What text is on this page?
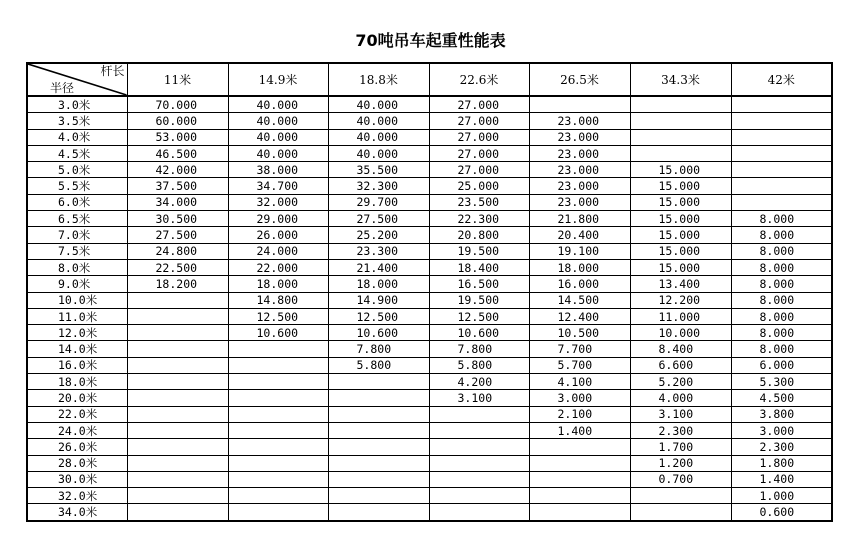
70吨吊车起重性能表
杆长
半径	11米	14.9米	18.8米	22.6米	26.5米	34.3米	42米
3.0米	70.000	40.000	40.000	27.000			
3.5米	60.000	40.000	40.000	27.000	23.000		
4.0米	53.000	40.000	40.000	27.000	23.000		
4.5米	46.500	40.000	40.000	27.000	23.000		
5.0米	42.000	38.000	35.500	27.000	23.000	15.000	
5.5米	37.500	34.700	32.300	25.000	23.000	15.000	
6.0米	34.000	32.000	29.700	23.500	23.000	15.000	
6.5米	30.500	29.000	27.500	22.300	21.800	15.000	8.000
7.0米	27.500	26.000	25.200	20.800	20.400	15.000	8.000
7.5米	24.800	24.000	23.300	19.500	19.100	15.000	8.000
8.0米	22.500	22.000	21.400	18.400	18.000	15.000	8.000
9.0米	18.200	18.000	18.000	16.500	16.000	13.400	8.000
10.0米		14.800	14.900	19.500	14.500	12.200	8.000
11.0米		12.500	12.500	12.500	12.400	11.000	8.000
12.0米		10.600	10.600	10.600	10.500	10.000	8.000
14.0米			7.800	7.800	7.700	8.400	8.000
16.0米			5.800	5.800	5.700	6.600	6.000
18.0米				4.200	4.100	5.200	5.300
20.0米				3.100	3.000	4.000	4.500
22.0米					2.100	3.100	3.800
24.0米					1.400	2.300	3.000
26.0米						1.700	2.300
28.0米						1.200	1.800
30.0米						0.700	1.400
32.0米							1.000
34.0米							0.600
